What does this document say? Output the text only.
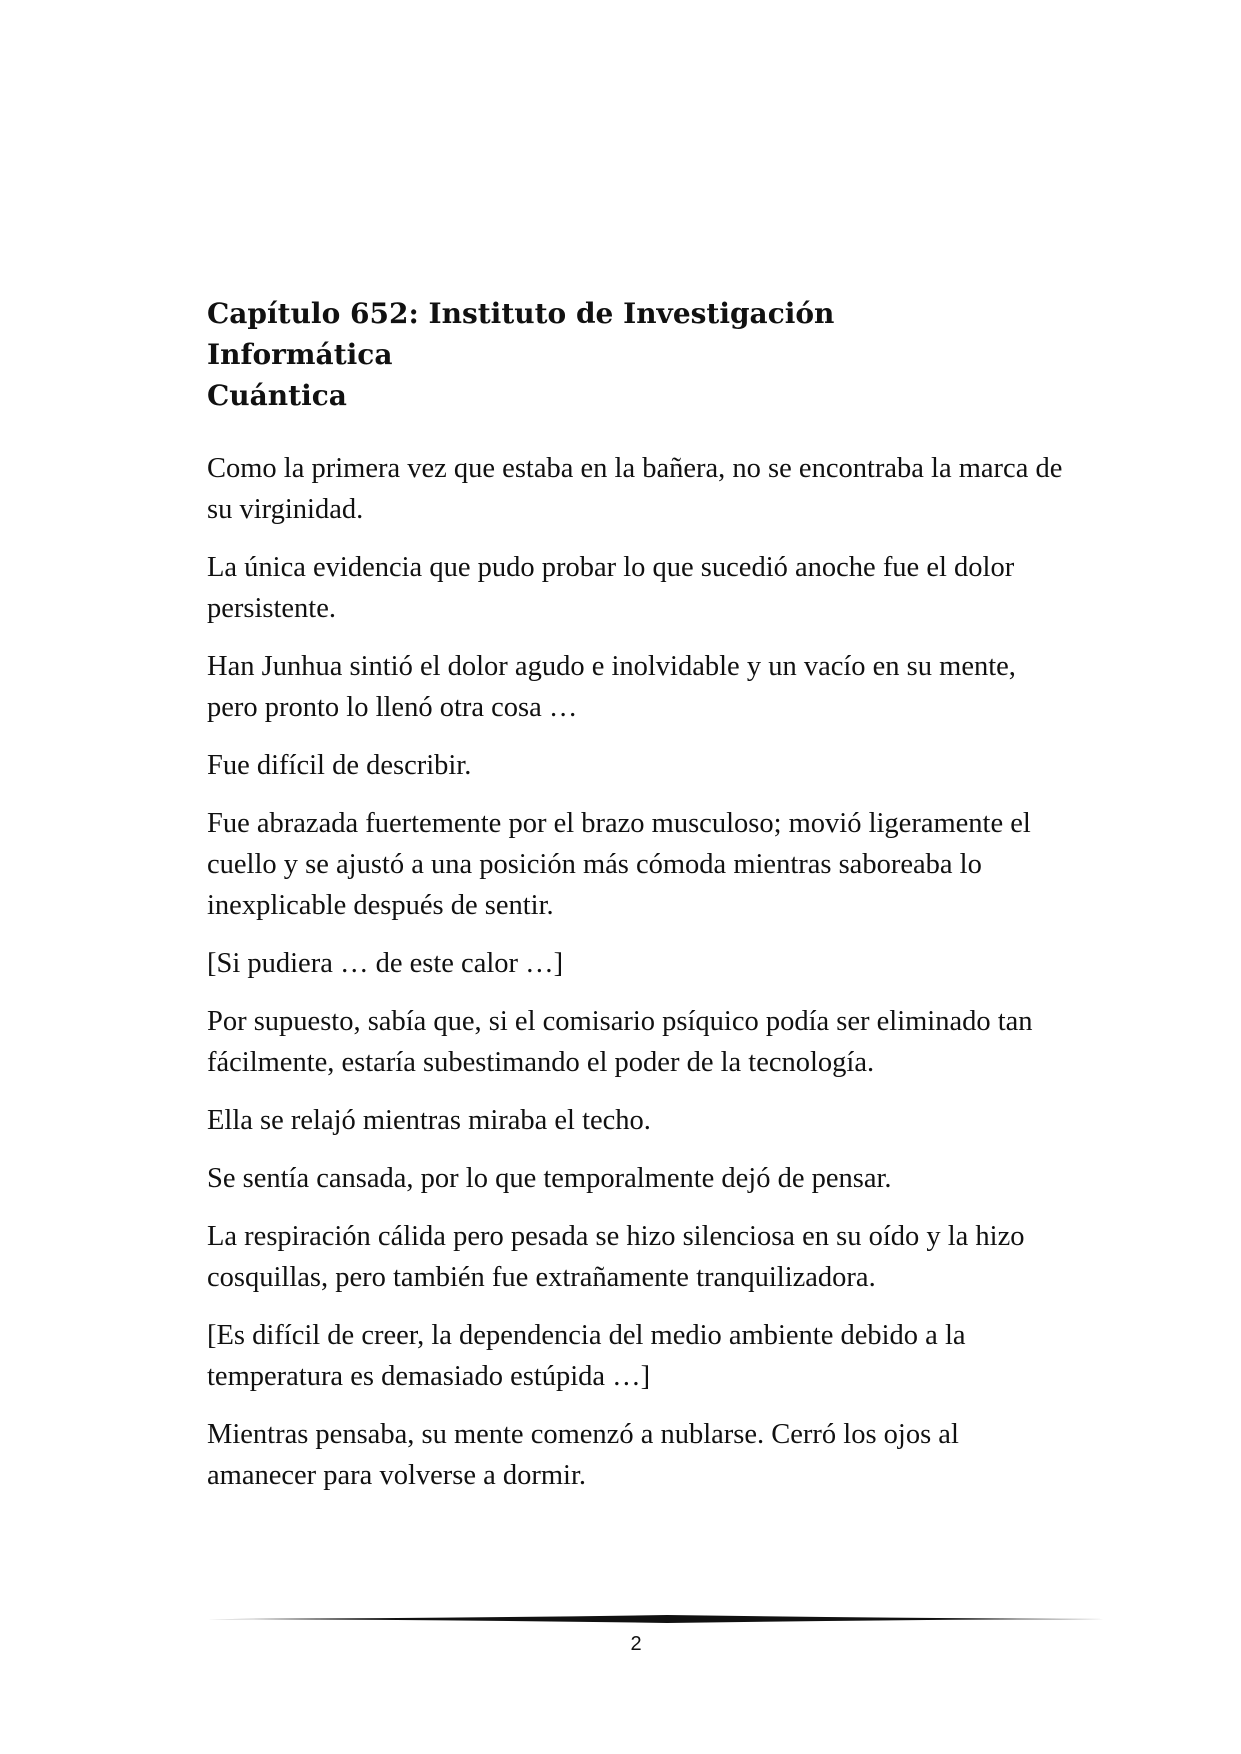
Capítulo 652: Instituto de Investigación Informática
Cuántica

Como la primera vez que estaba en la bañera, no se encontraba la marca de su virginidad.

La única evidencia que pudo probar lo que sucedió anoche fue el dolor persistente.

Han Junhua sintió el dolor agudo e inolvidable y un vacío en su mente, pero pronto lo llenó otra cosa …

Fue difícil de describir.

Fue abrazada fuertemente por el brazo musculoso; movió ligeramente el cuello y se ajustó a una posición más cómoda mientras saboreaba lo inexplicable después de sentir.

[Si pudiera … de este calor …]

Por supuesto, sabía que, si el comisario psíquico podía ser eliminado tan fácilmente, estaría subestimando el poder de la tecnología.

Ella se relajó mientras miraba el techo.

Se sentía cansada, por lo que temporalmente dejó de pensar.

La respiración cálida pero pesada se hizo silenciosa en su oído y la hizo cosquillas, pero también fue extrañamente tranquilizadora.

[Es difícil de creer, la dependencia del medio ambiente debido a la temperatura es demasiado estúpida …]

Mientras pensaba, su mente comenzó a nublarse. Cerró los ojos al amanecer para volverse a dormir.

2
